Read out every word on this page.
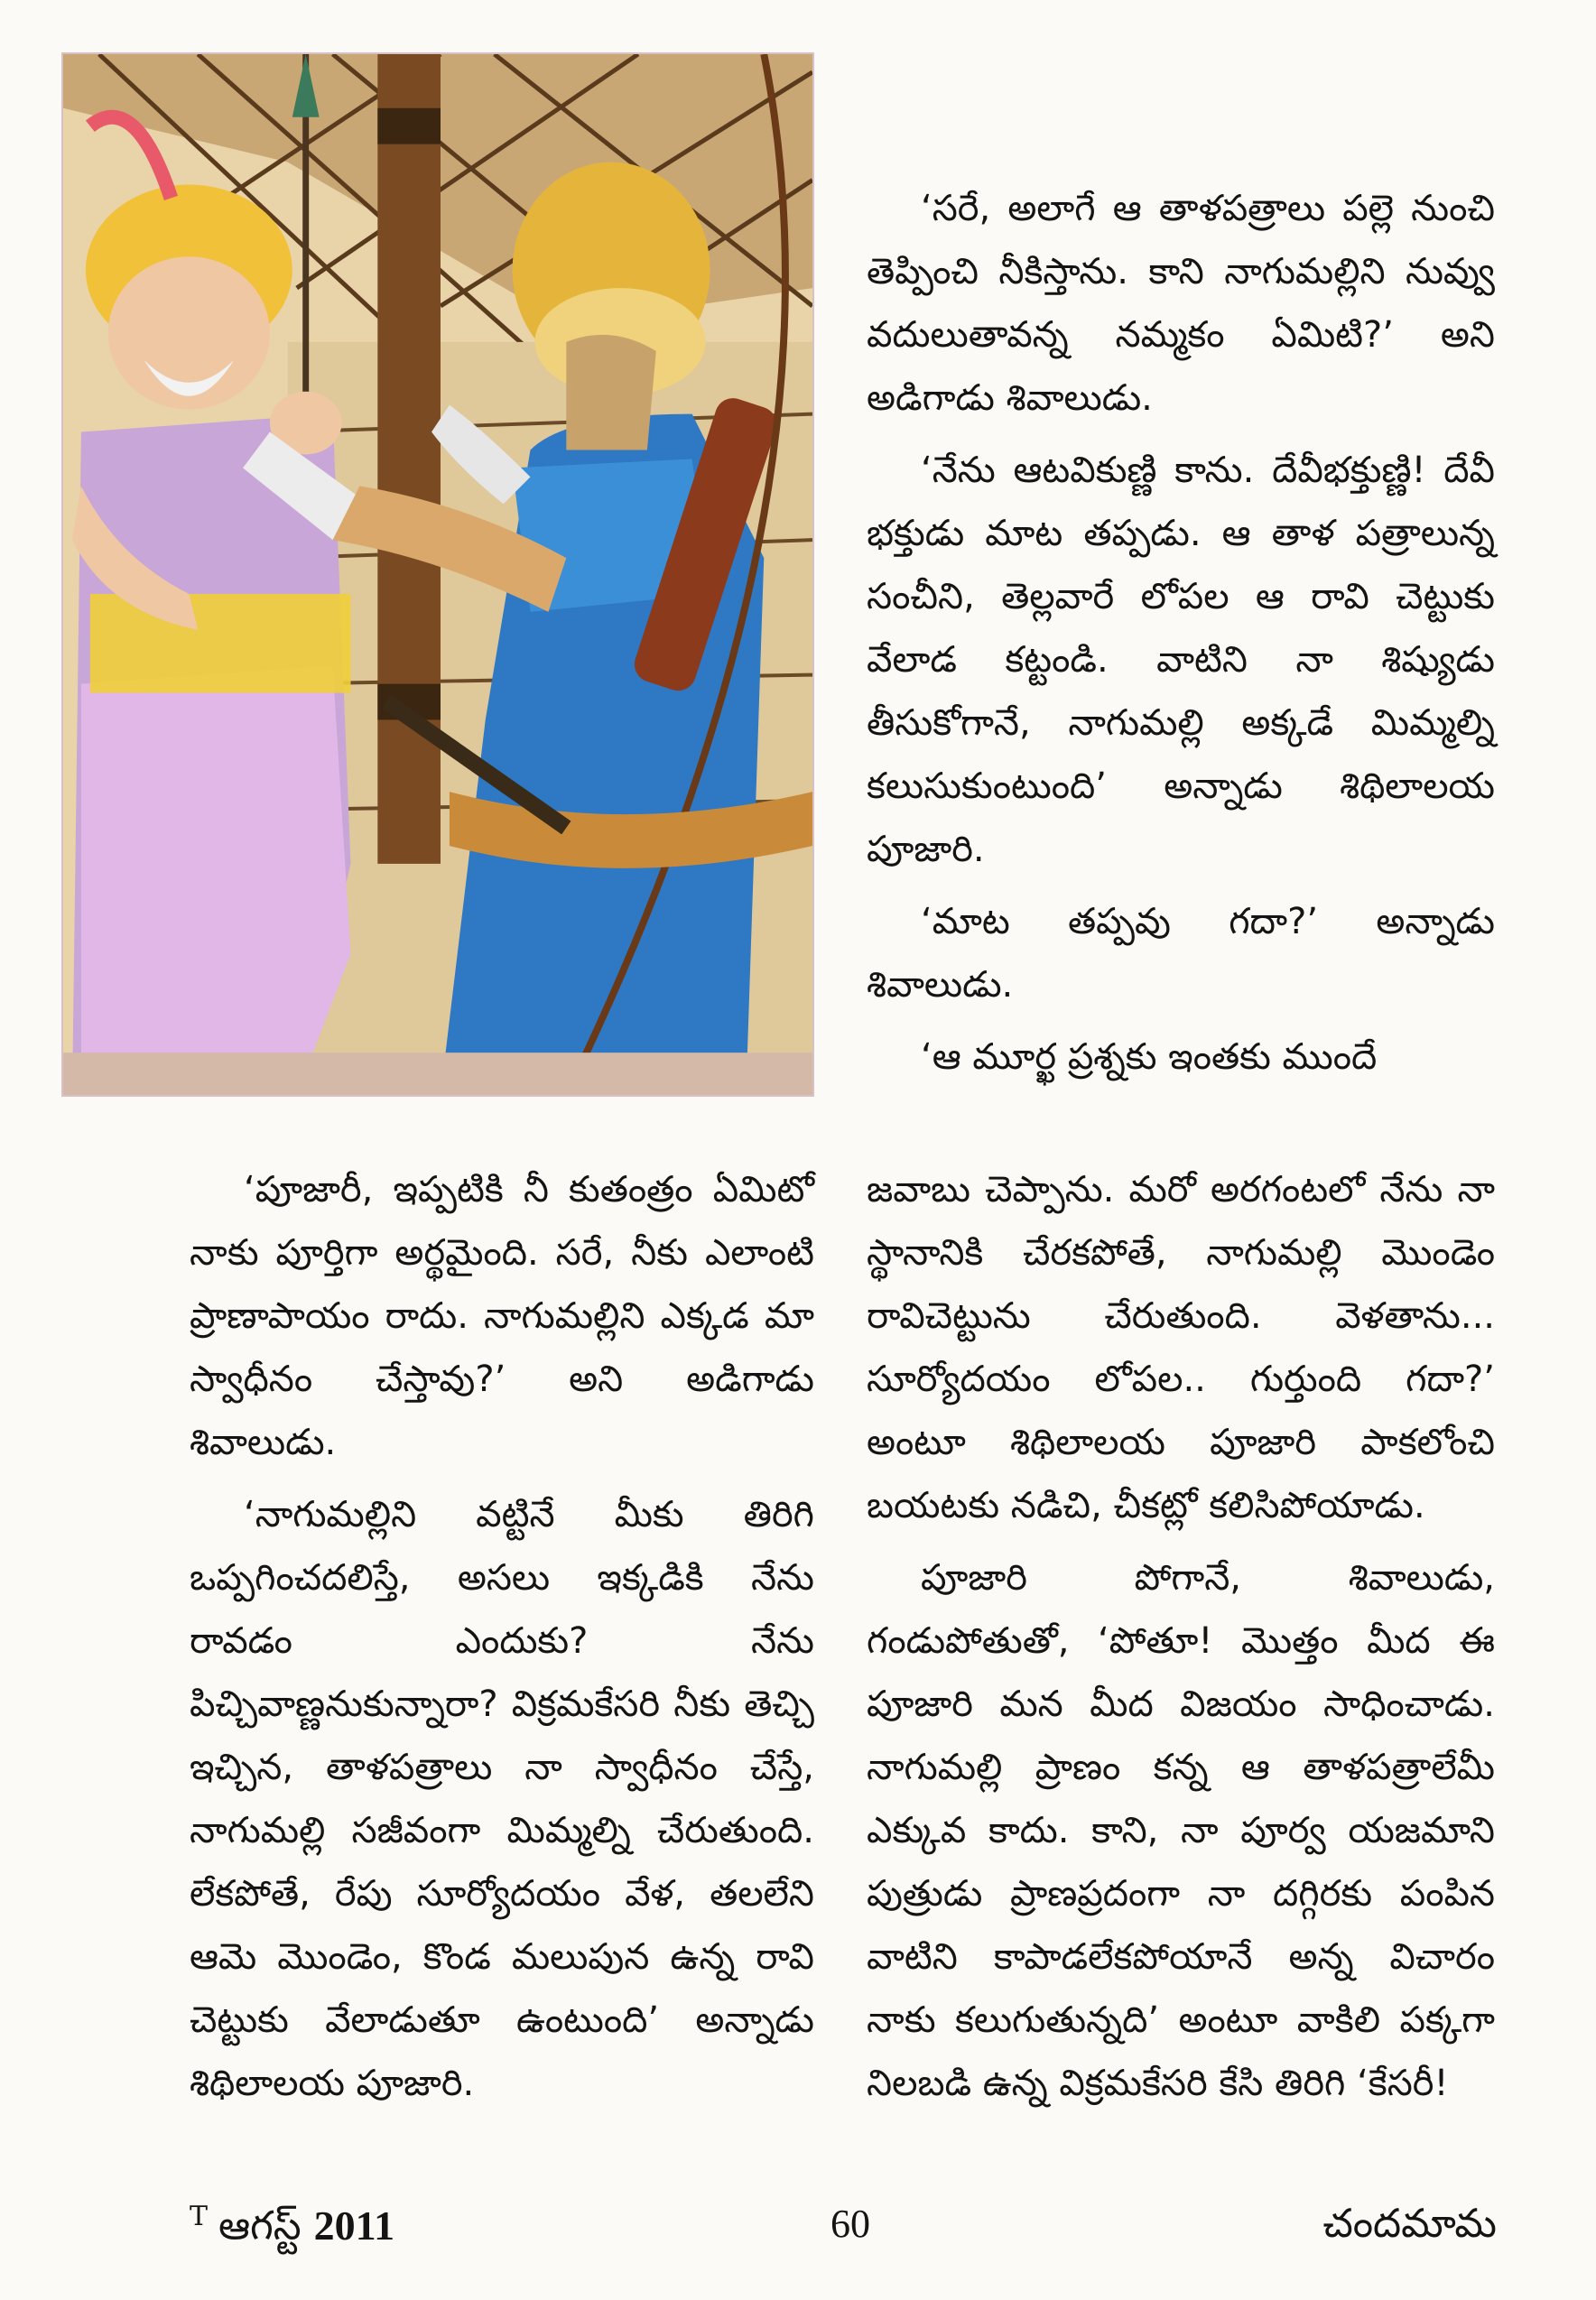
‘సరే, అలాగే ఆ తాళపత్రాలు పల్లె నుంచి తెప్పించి నీకిస్తాను. కాని నాగుమల్లిని నువ్వు వదులుతావన్న నమ్మకం ఏమిటి?’ అని అడిగాడు శివాలుడు.

‘నేను ఆటవికుణ్ణి కాను. దేవీభక్తుణ్ణి! దేవీ భక్తుడు మాట తప్పడు. ఆ తాళ పత్రాలున్న సంచీని, తెల్లవారే లోపల ఆ రావి చెట్టుకు వేలాడ కట్టండి. వాటిని నా శిష్యుడు తీసుకోగానే, నాగుమల్లి అక్కడే మిమ్మల్ని కలుసుకుంటుంది’ అన్నాడు శిథిలాలయ పూజారి.

‘మాట తప్పవు గదా?’ అన్నాడు శివాలుడు.

‘ఆ మూర్ఖ ప్రశ్నకు ఇంతకు ముందే

‘పూజారీ, ఇప్పటికి నీ కుతంత్రం ఏమిటో నాకు పూర్తిగా అర్థమైంది. సరే, నీకు ఎలాంటి ప్రాణాపాయం రాదు. నాగుమల్లిని ఎక్కడ మా స్వాధీనం చేస్తావు?’ అని అడిగాడు శివాలుడు.

‘నాగుమల్లిని వట్టినే మీకు తిరిగి ఒప్పగించదలిస్తే, అసలు ఇక్కడికి నేను రావడం ఎందుకు? నేను పిచ్చివాణ్ణనుకున్నారా? విక్రమకేసరి నీకు తెచ్చి ఇచ్చిన, తాళపత్రాలు నా స్వాధీనం చేస్తే, నాగుమల్లి సజీవంగా మిమ్మల్ని చేరుతుంది. లేకపోతే, రేపు సూర్యోదయం వేళ, తలలేని ఆమె మొండెం, కొండ మలుపున ఉన్న రావి చెట్టుకు వేలాడుతూ ఉంటుంది’ అన్నాడు శిథిలాలయ పూజారి.

జవాబు చెప్పాను. మరో అరగంటలో నేను నా స్థానానికి చేరకపోతే, నాగుమల్లి మొండెం రావిచెట్టును చేరుతుంది. వెళతాను... సూర్యోదయం లోపల.. గుర్తుంది గదా?’ అంటూ శిథిలాలయ పూజారి పాకలోంచి బయటకు నడిచి, చీకట్లో కలిసిపోయాడు.

పూజారి పోగానే, శివాలుడు, గండుపోతుతో, ‘పోతూ! మొత్తం మీద ఈ పూజారి మన మీద విజయం సాధించాడు. నాగుమల్లి ప్రాణం కన్న ఆ తాళపత్రాలేమీ ఎక్కువ కాదు. కాని, నా పూర్వ యజమాని పుత్రుడు ప్రాణప్రదంగా నా దగ్గిరకు పంపిన వాటిని కాపాడలేకపోయానే అన్న విచారం నాకు కలుగుతున్నది’ అంటూ వాకిలి పక్కగా నిలబడి ఉన్న విక్రమకేసరి కేసి తిరిగి ‘కేసరీ!

$^T$ ఆగస్ట్ 2011	60	చందమామ
